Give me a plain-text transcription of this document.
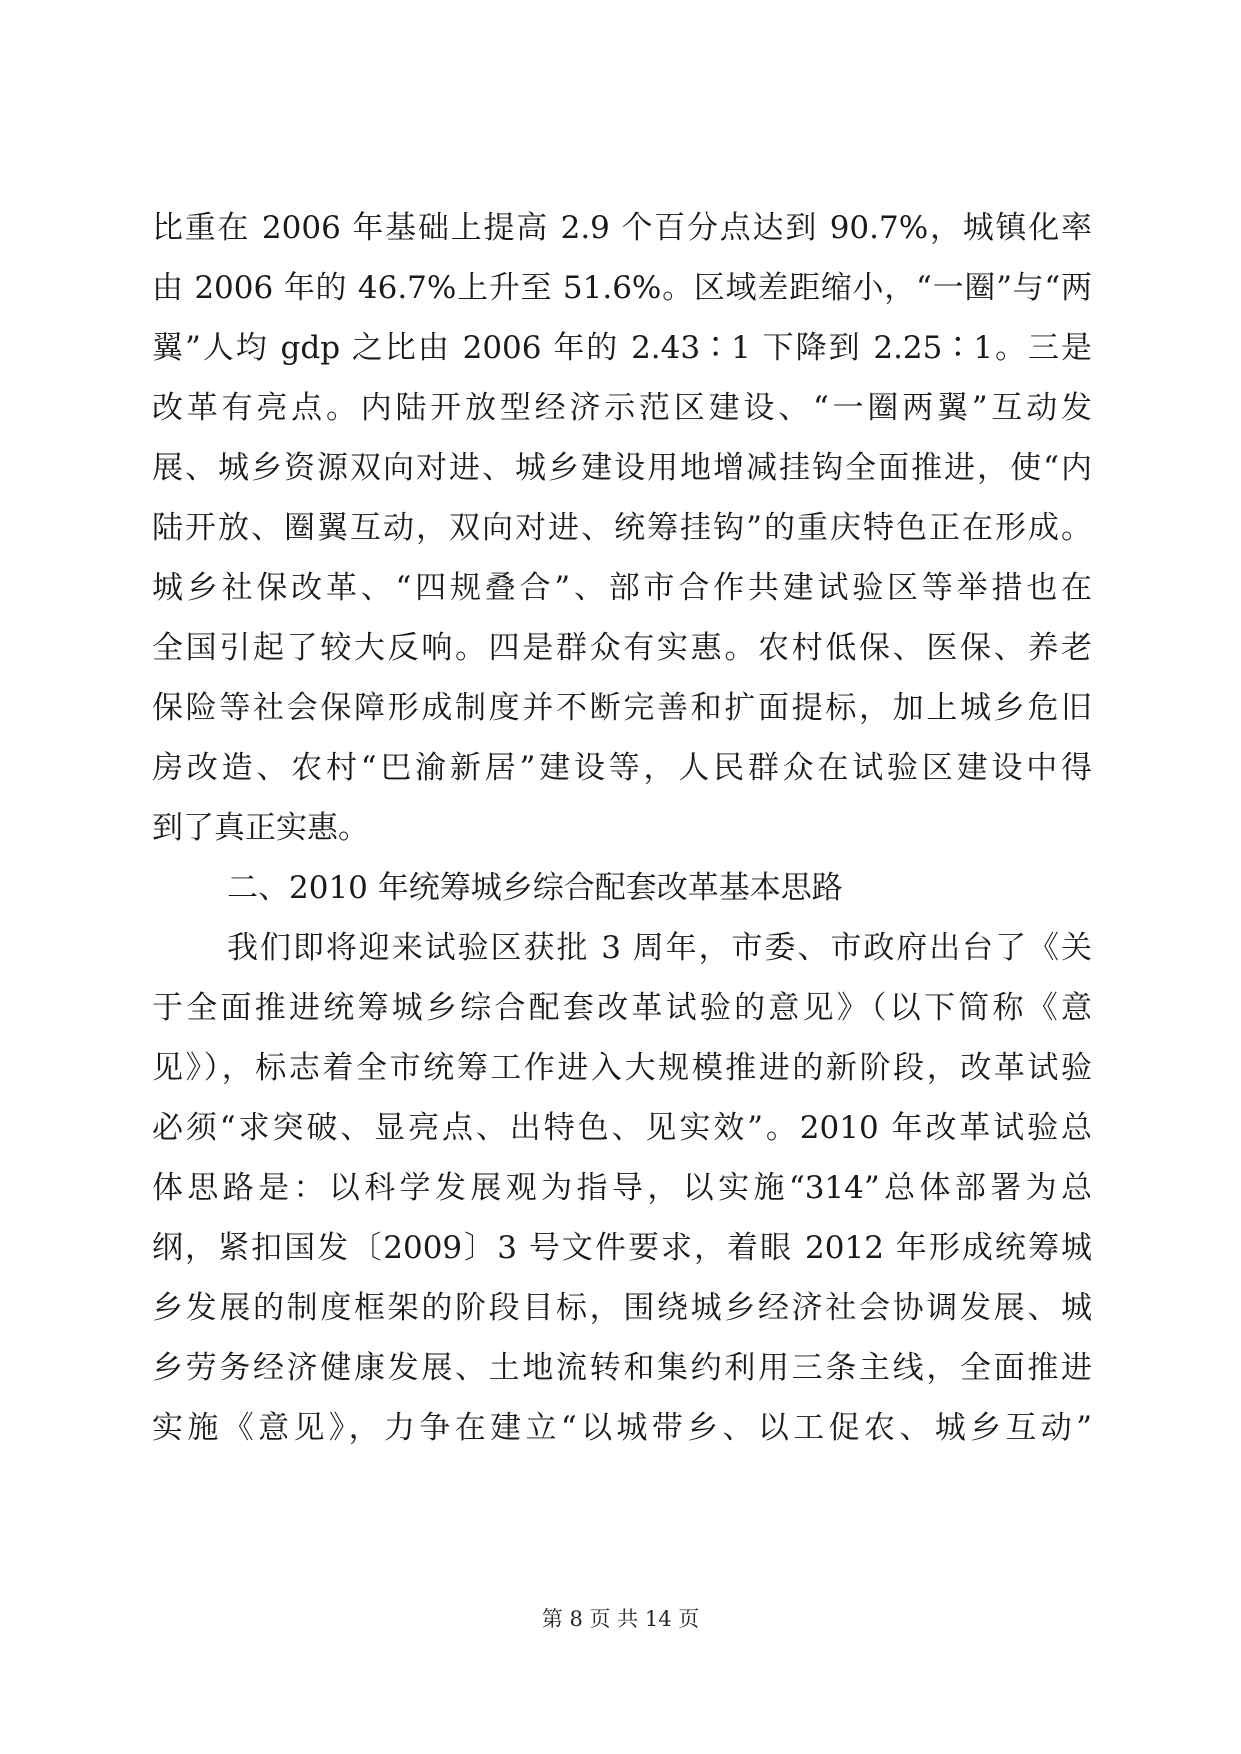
比重在 2006 年基础上提高 2.9 个百分点达到 90.7%，城镇化率
由 2006 年的 46.7%上升至 51.6%。区域差距缩小，“一圈”与“两
翼”人均 gdp 之比由 2006 年的 2.43∶1 下降到 2.25∶1。三是
改革有亮点。内陆开放型经济示范区建设、“一圈两翼”互动发
展、城乡资源双向对进、城乡建设用地增减挂钩全面推进，使“内
陆开放、圈翼互动，双向对进、统筹挂钩”的重庆特色正在形成。
城乡社保改革、“四规叠合”、部市合作共建试验区等举措也在
全国引起了较大反响。四是群众有实惠。农村低保、医保、养老
保险等社会保障形成制度并不断完善和扩面提标，加上城乡危旧
房改造、农村“巴渝新居”建设等，人民群众在试验区建设中得
到了真正实惠。
二、2010 年统筹城乡综合配套改革基本思路
我们即将迎来试验区获批 3 周年，市委、市政府出台了《关
于全面推进统筹城乡综合配套改革试验的意见》（以下简称《意
见》），标志着全市统筹工作进入大规模推进的新阶段，改革试验
必须“求突破、显亮点、出特色、见实效”。2010 年改革试验总
体思路是：以科学发展观为指导，以实施“314”总体部署为总
纲，紧扣国发〔2009〕3 号文件要求，着眼 2012 年形成统筹城
乡发展的制度框架的阶段目标，围绕城乡经济社会协调发展、城
乡劳务经济健康发展、土地流转和集约利用三条主线，全面推进
实施《意见》，力争在建立“以城带乡、以工促农、城乡互动”
第 8 页 共 14 页
